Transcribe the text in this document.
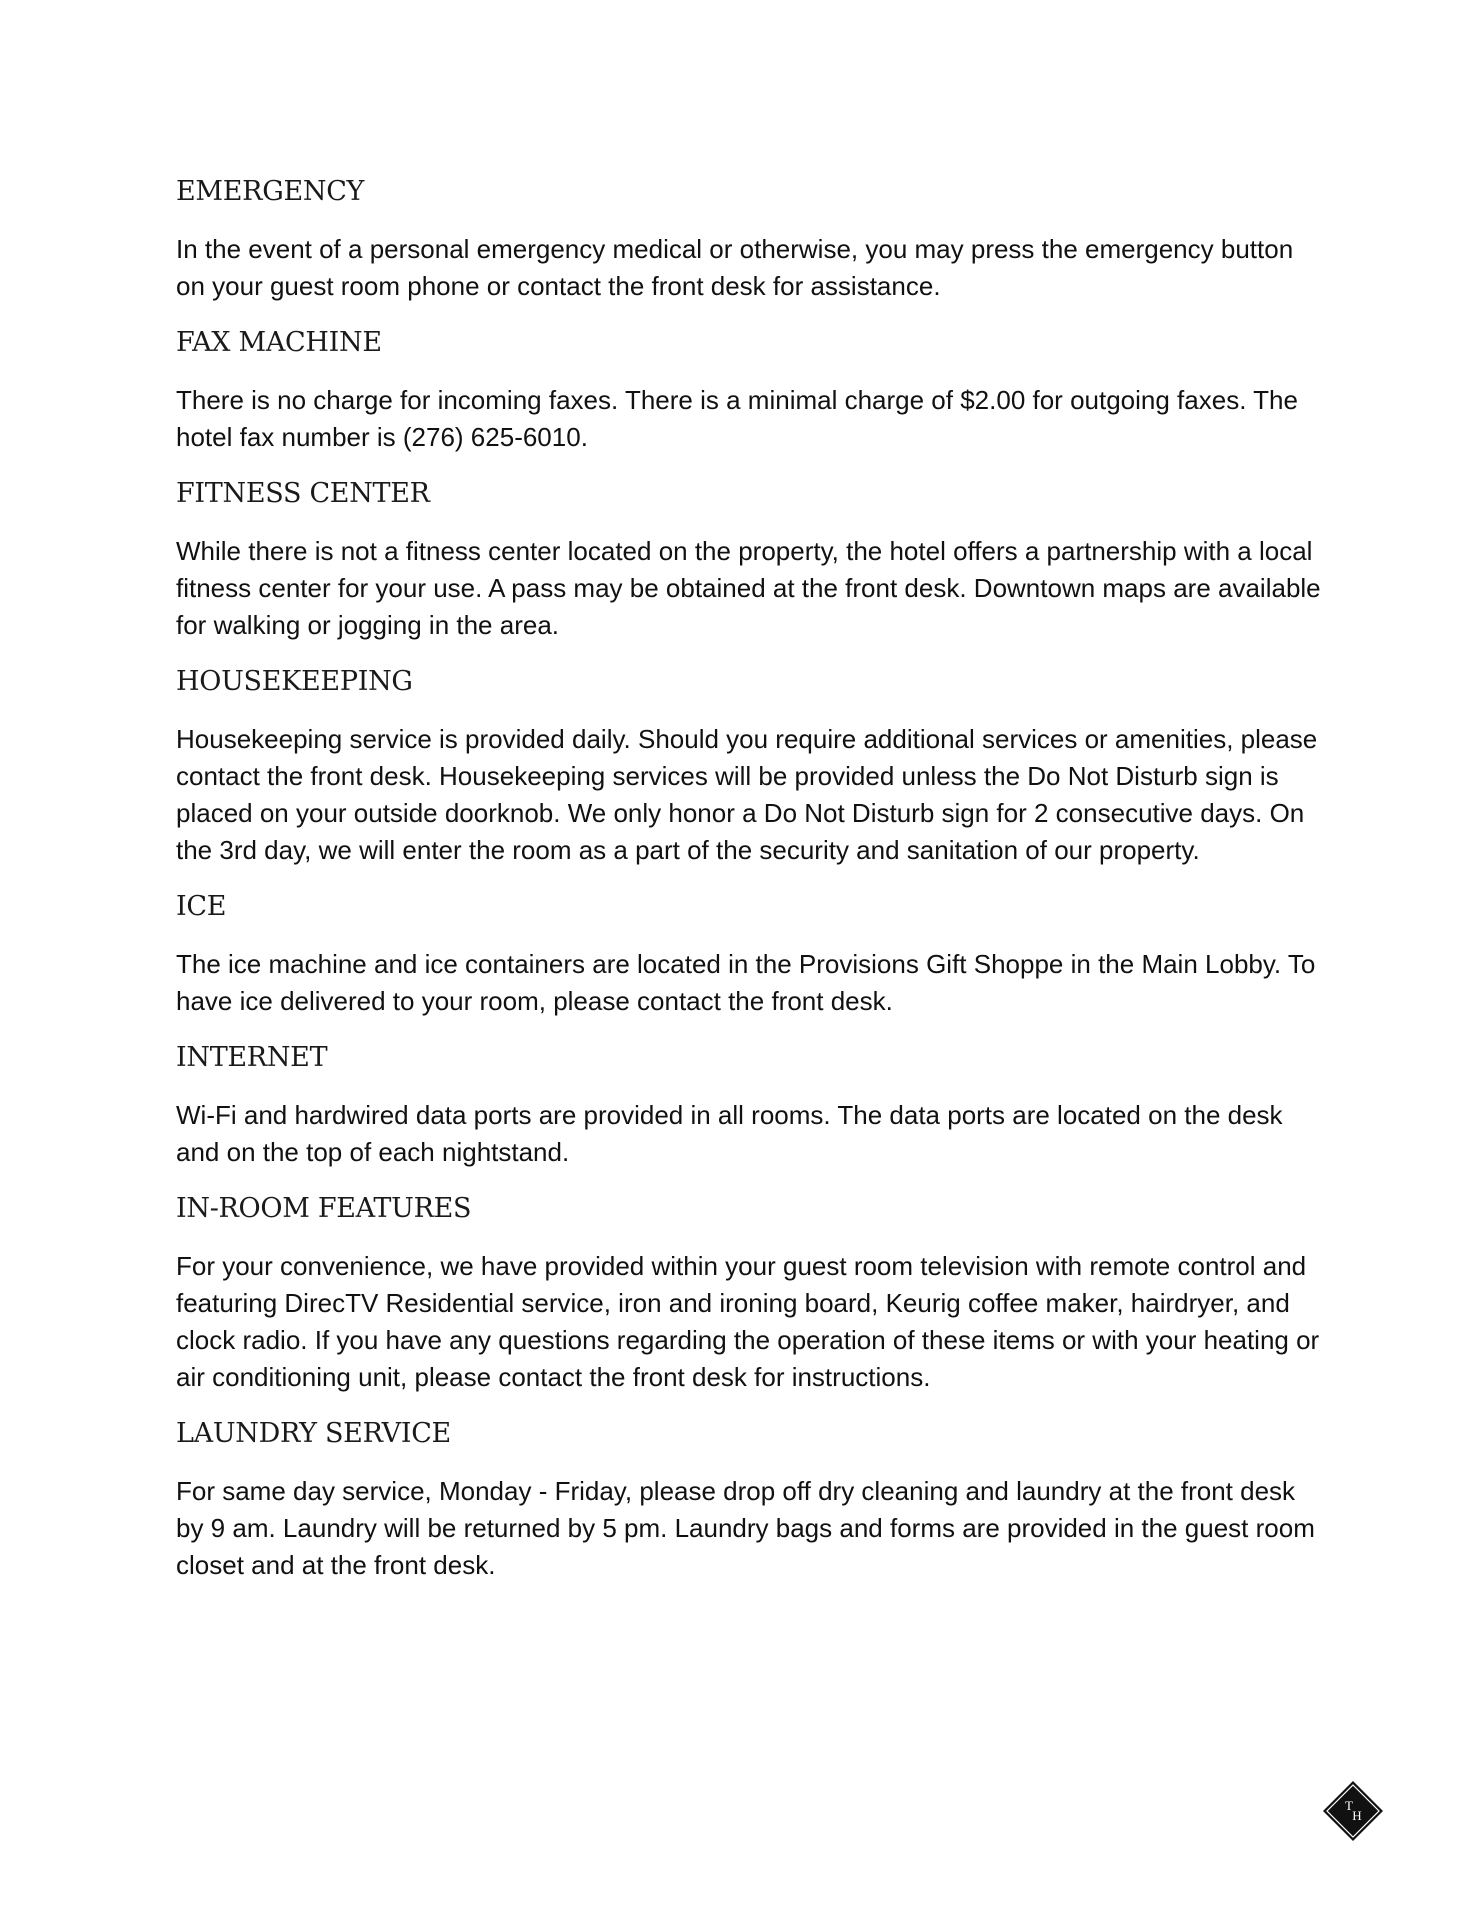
EMERGENCY

In the event of a personal emergency medical or otherwise, you may press the emergency button on your guest room phone or contact the front desk for assistance.

FAX MACHINE

There is no charge for incoming faxes. There is a minimal charge of $2.00 for outgoing faxes. The hotel fax number is (276) 625-6010.

FITNESS CENTER

While there is not a fitness center located on the property, the hotel offers a partnership with a local fitness center for your use. A pass may be obtained at the front desk. Downtown maps are available for walking or jogging in the area.

HOUSEKEEPING

Housekeeping service is provided daily. Should you require additional services or amenities, please contact the front desk. Housekeeping services will be provided unless the Do Not Disturb sign is placed on your outside doorknob. We only honor a Do Not Disturb sign for 2 consecutive days. On the 3rd day, we will enter the room as a part of the security and sanitation of our property.

ICE

The ice machine and ice containers are located in the Provisions Gift Shoppe in the Main Lobby. To have ice delivered to your room, please contact the front desk.

INTERNET

Wi-Fi and hardwired data ports are provided in all rooms. The data ports are located on the desk and on the top of each nightstand.

IN-ROOM FEATURES

For your convenience, we have provided within your guest room television with remote control and featuring DirecTV Residential service, iron and ironing board, Keurig coffee maker, hairdryer, and clock radio. If you have any questions regarding the operation of these items or with your heating or air conditioning unit, please contact the front desk for instructions.

LAUNDRY SERVICE

For same day service, Monday - Friday, please drop off dry cleaning and laundry at the front desk by 9 am. Laundry will be returned by 5 pm. Laundry bags and forms are provided in the guest room closet and at the front desk.

T
H
